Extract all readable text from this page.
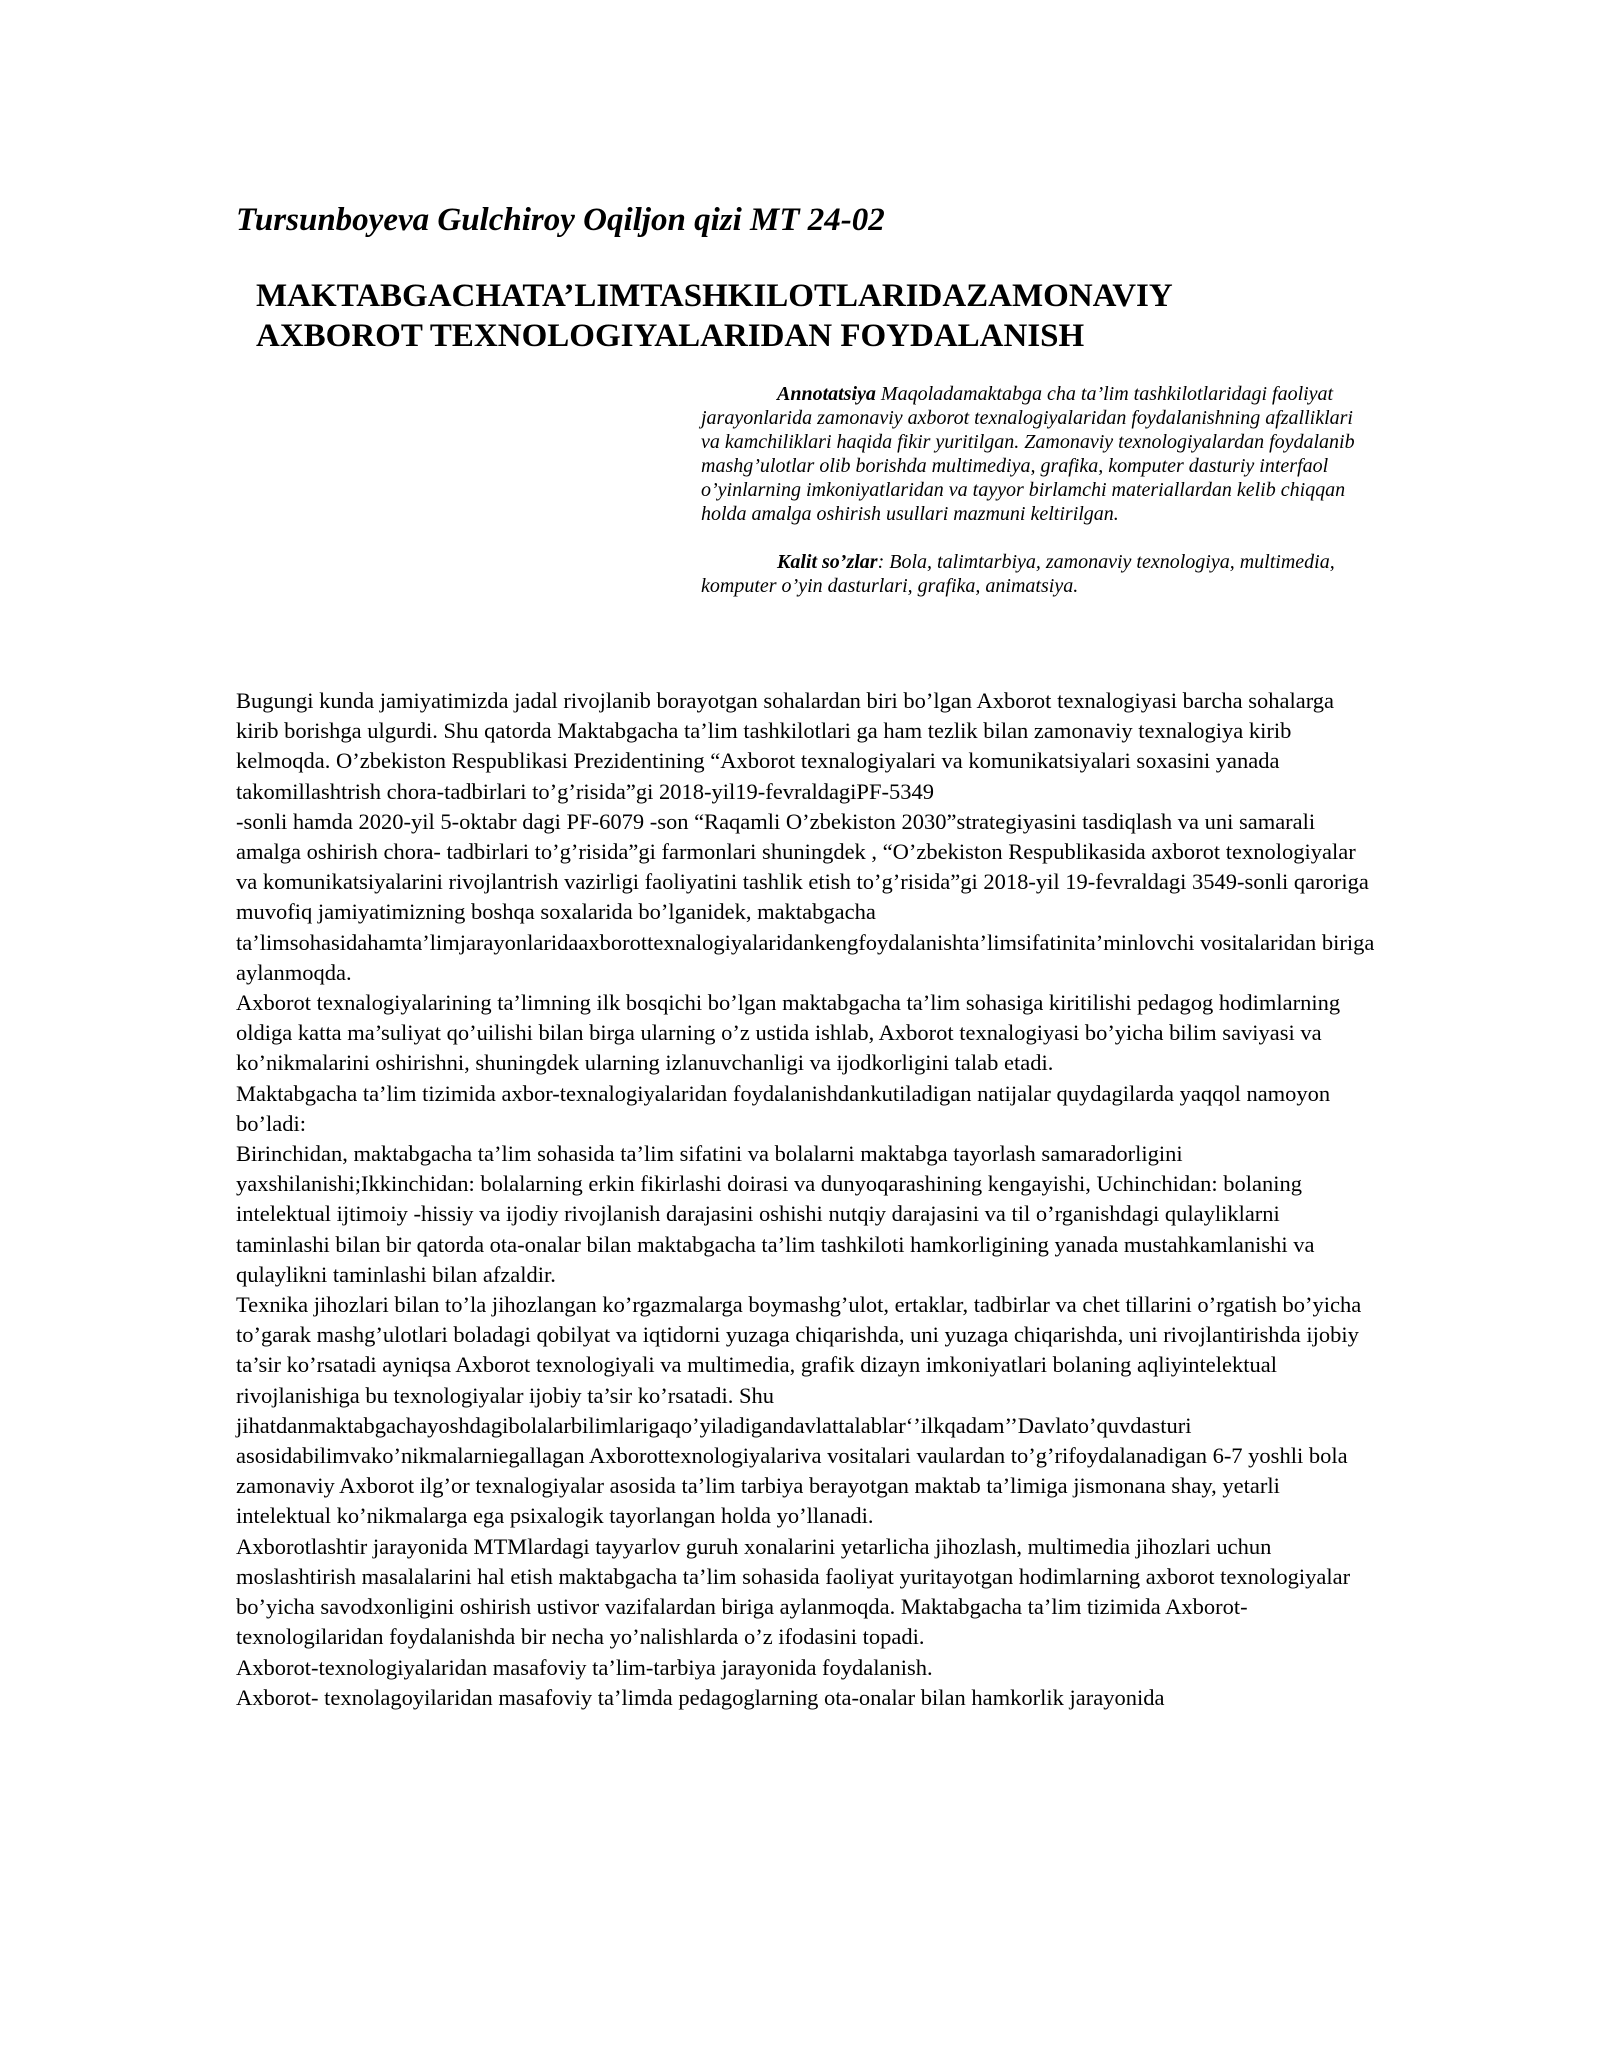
Tursunboyeva Gulchiroy Oqiljon qizi MT 24-02
MAKTABGACHATA’LIMTASHKILOTLARIDAZAMONAVIY
AXBOROT TEXNOLOGIYALARIDAN FOYDALANISH

Annotatsiya Maqoladamaktabga cha ta’lim tashkilotlaridagi faoliyat jarayonlarida zamonaviy axborot texnalogiyalaridan foydalanishning afzalliklari va kamchiliklari haqida fikir yuritilgan. Zamonaviy texnologiyalardan foydalanib mashg’ulotlar olib borishda multimediya, grafika, komputer dasturiy interfaol o’yinlarning imkoniyatlaridan va tayyor birlamchi materiallardan kelib chiqqan holda amalga oshirish usullari mazmuni keltirilgan.

Kalit so’zlar: Bola, talimtarbiya, zamonaviy texnologiya, multimedia, komputer o’yin dasturlari, grafika, animatsiya.

Bugungi kunda jamiyatimizda jadal rivojlanib borayotgan sohalardan biri bo’lgan Axborot texnalogiyasi barcha sohalarga kirib borishga ulgurdi. Shu qatorda Maktabgacha ta’lim tashkilotlari ga ham tezlik bilan zamonaviy texnalogiya kirib kelmoqda. O’zbekiston Respublikasi Prezidentining “Axborot texnalogiyalari va komunikatsiyalari soxasini yanada takomillashtrish chora-tadbirlari to’g’risida”gi 2018-yil19-fevraldagiPF-5349

-sonli hamda 2020-yil 5-oktabr dagi PF-6079 -son “Raqamli O’zbekiston 2030”strategiyasini tasdiqlash va uni samarali amalga oshirish chora- tadbirlari to’g’risida”gi farmonlari shuningdek , “O’zbekiston Respublikasida axborot texnologiyalar va komunikatsiyalarini rivojlantrish vazirligi faoliyatini tashlik etish to’g’risida”gi 2018-yil 19-fevraldagi 3549-sonli qaroriga muvofiq jamiyatimizning boshqa soxalarida bo’lganidek, maktabgacha ta’limsohasidahamta’limjarayonlaridaaxborottexnalogiyalaridankengfoydalanishta’limsifatinita’minlovchi vositalaridan biriga aylanmoqda.

Axborot texnalogiyalarining ta’limning ilk bosqichi bo’lgan maktabgacha ta’lim sohasiga kiritilishi pedagog hodimlarning oldiga katta ma’suliyat qo’uilishi bilan birga ularning o’z ustida ishlab, Axborot texnalogiyasi bo’yicha bilim saviyasi va ko’nikmalarini oshirishni, shuningdek ularning izlanuvchanligi va ijodkorligini talab etadi.

Maktabgacha ta’lim tizimida axbor-texnalogiyalaridan foydalanishdankutiladigan natijalar quydagilarda yaqqol namoyon bo’ladi:

Birinchidan, maktabgacha ta’lim sohasida ta’lim sifatini va bolalarni maktabga tayorlash samaradorligini yaxshilanishi;Ikkinchidan: bolalarning erkin fikirlashi doirasi va dunyoqarashining kengayishi, Uchinchidan: bolaning intelektual ijtimoiy -hissiy va ijodiy rivojlanish darajasini oshishi nutqiy darajasini va til o’rganishdagi qulayliklarni taminlashi bilan bir qatorda ota-onalar bilan maktabgacha ta’lim tashkiloti hamkorligining yanada mustahkamlanishi va qulaylikni taminlashi bilan afzaldir.

Texnika jihozlari bilan to’la jihozlangan ko’rgazmalarga boymashg’ulot, ertaklar, tadbirlar va chet tillarini o’rgatish bo’yicha to’garak mashg’ulotlari boladagi qobilyat va iqtidorni yuzaga chiqarishda, uni yuzaga chiqarishda, uni rivojlantirishda ijobiy ta’sir ko’rsatadi ayniqsa Axborot texnologiyali va multimedia, grafik dizayn imkoniyatlari bolaning aqliyintelektual rivojlanishiga bu texnologiyalar ijobiy ta’sir ko’rsatadi. Shu jihatdanmaktabgachayoshdagibolalarbilimlarigaqo’yiladigandavlattalablar‘’ilkqadam’’Davlato’quvdasturi asosidabilimvako’nikmalarniegallagan Axborottexnologiyalariva vositalari vaulardan to’g’rifoydalanadigan 6-7 yoshli bola zamonaviy Axborot ilg’or texnalogiyalar asosida ta’lim tarbiya berayotgan maktab ta’limiga jismonana shay, yetarli intelektual ko’nikmalarga ega psixalogik tayorlangan holda yo’llanadi.

Axborotlashtir jarayonida MTMlardagi tayyarlov guruh xonalarini yetarlicha jihozlash, multimedia jihozlari uchun moslashtirish masalalarini hal etish maktabgacha ta’lim sohasida faoliyat yuritayotgan hodimlarning axborot texnologiyalar bo’yicha savodxonligini oshirish ustivor vazifalardan biriga aylanmoqda. Maktabgacha ta’lim tizimida Axborot-texnologilaridan foydalanishda bir necha yo’nalishlarda o’z ifodasini topadi.

Axborot-texnologiyalaridan masafoviy ta’lim-tarbiya jarayonida foydalanish.

Axborot- texnolagoyilaridan masafoviy ta’limda pedagoglarning ota-onalar bilan hamkorlik jarayonida
